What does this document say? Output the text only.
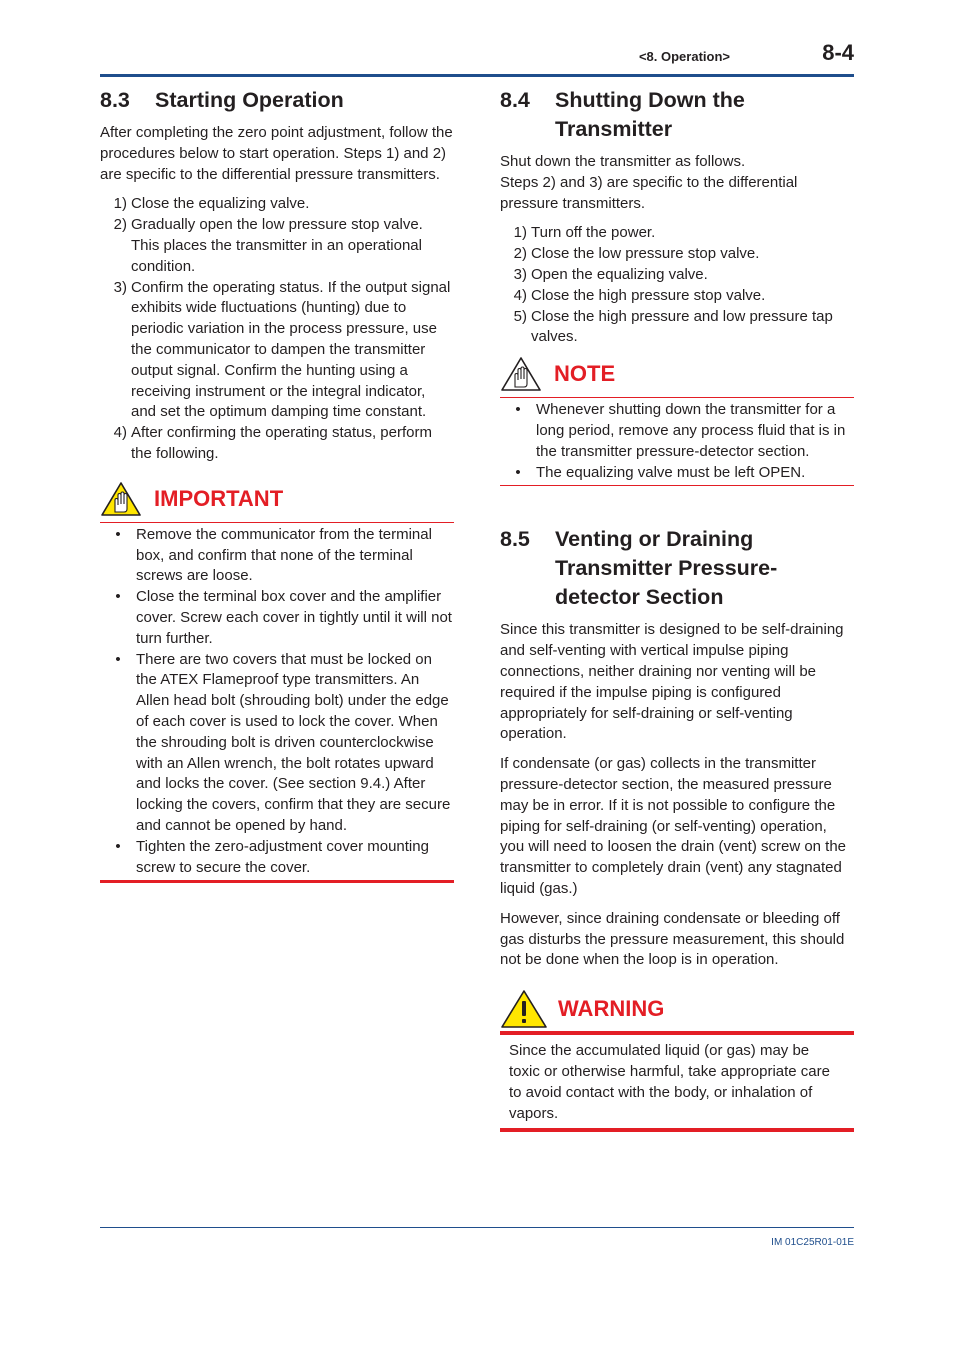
<8. Operation>	8-4
8.3	Starting Operation

After completing the zero point adjustment, follow the procedures below to start operation. Steps 1) and 2) are specific to the differential pressure transmitters.

1) Close the equalizing valve.
2) Gradually open the low pressure stop valve. This places the transmitter in an operational condition.
3) Confirm the operating status. If the output signal exhibits wide fluctuations (hunting) due to periodic variation in the process pressure, use the communicator to dampen the transmitter output signal. Confirm the hunting using a receiving instrument or the integral indicator, and set the optimum damping time constant.
4) After confirming the operating status, perform the following.
IMPORTANT
•	Remove the communicator from the terminal box, and confirm that none of the terminal screws are loose.
•	Close the terminal box cover and the amplifier cover. Screw each cover in tightly until it will not turn further.
•	There are two covers that must be locked on the ATEX Flameproof type transmitters. An Allen head bolt (shrouding bolt) under the edge of each cover is used to lock the cover. When the shrouding bolt is driven counterclockwise with an Allen wrench, the bolt rotates upward and locks the cover. (See section 9.4.) After locking the covers, confirm that they are secure and cannot be opened by hand.
•	Tighten the zero-adjustment cover mounting screw to secure the cover.
8.4	Shutting Down the Transmitter

Shut down the transmitter as follows.

Steps 2) and 3) are specific to the differential pressure transmitters.

1) Turn off the power.
2) Close the low pressure stop valve.
3) Open the equalizing valve.
4) Close the high pressure stop valve.
5) Close the high pressure and low pressure tap valves.
NOTE
•	Whenever shutting down the transmitter for a long period, remove any process fluid that is in the transmitter pressure-detector section.
•	The equalizing valve must be left OPEN.
8.5	Venting or Draining Transmitter Pressure-detector Section

Since this transmitter is designed to be self-draining and self-venting with vertical impulse piping connections, neither draining nor venting will be required if the impulse piping is configured appropriately for self-draining or self-venting operation.

If condensate (or gas) collects in the transmitter pressure-detector section, the measured pressure may be in error. If it is not possible to configure the piping for self-draining (or self-venting) operation, you will need to loosen the drain (vent) screw on the transmitter to completely drain (vent) any stagnated liquid (gas.)

However, since draining condensate or bleeding off gas disturbs the pressure measurement, this should not be done when the loop is in operation.

WARNING
Since the accumulated liquid (or gas) may be toxic or otherwise harmful, take appropriate care to avoid contact with the body, or inhalation of vapors.
IM 01C25R01-01E
